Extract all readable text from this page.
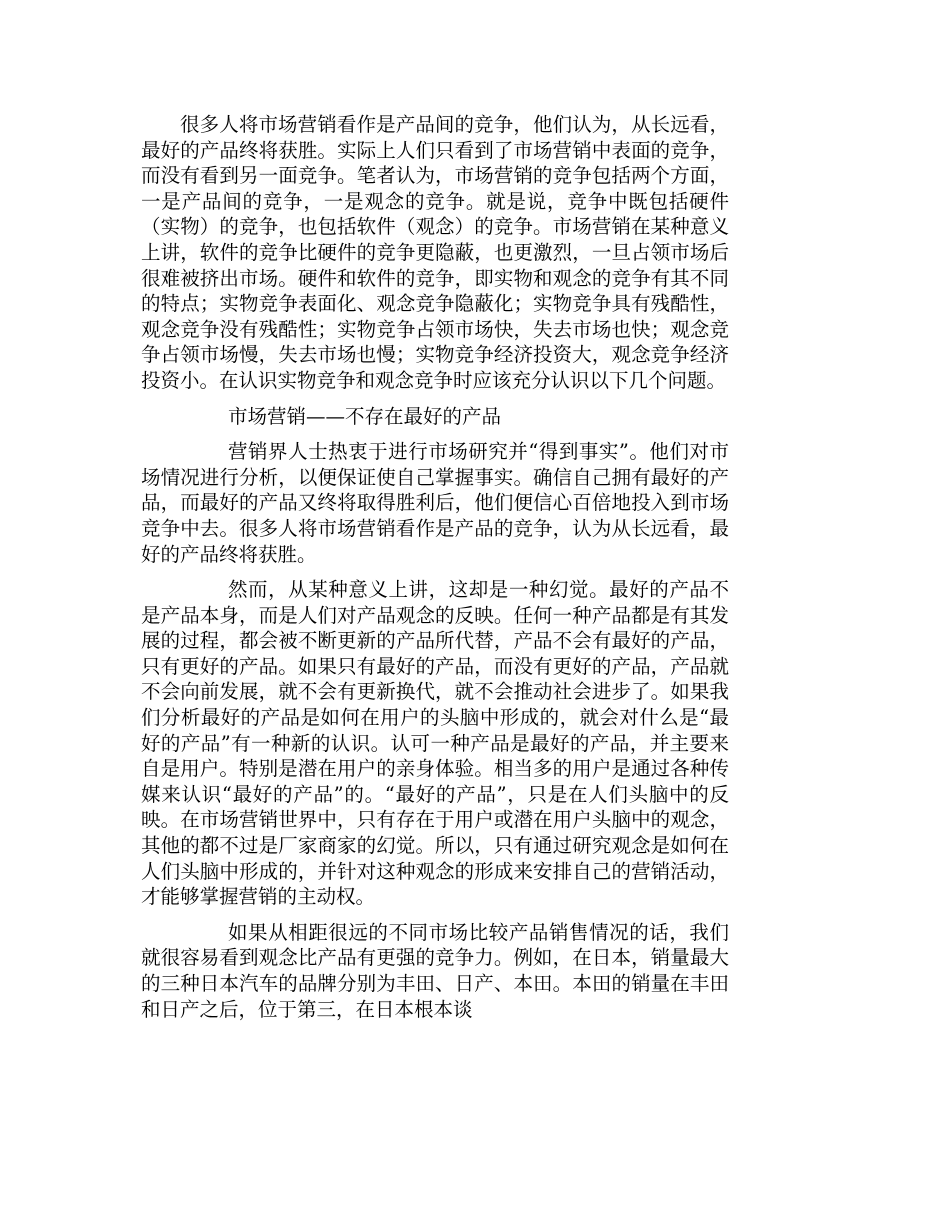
很多人将市场营销看作是产品间的竞争，他们认为，从长远看，最好的产品终将获胜。实际上人们只看到了市场营销中表面的竞争，而没有看到另一面竞争。笔者认为，市场营销的竞争包括两个方面，一是产品间的竞争，一是观念的竞争。就是说，竞争中既包括硬件（实物）的竞争，也包括软件（观念）的竞争。市场营销在某种意义上讲，软件的竞争比硬件的竞争更隐蔽，也更激烈，一旦占领市场后很难被挤出市场。硬件和软件的竞争，即实物和观念的竞争有其不同的特点；实物竞争表面化、观念竞争隐蔽化；实物竞争具有残酷性，观念竞争没有残酷性；实物竞争占领市场快，失去市场也快；观念竞争占领市场慢，失去市场也慢；实物竞争经济投资大，观念竞争经济投资小。在认识实物竞争和观念竞争时应该充分认识以下几个问题。

市场营销——不存在最好的产品

营销界人士热衷于进行市场研究并“得到事实”。他们对市场情况进行分析，以便保证使自己掌握事实。确信自己拥有最好的产品，而最好的产品又终将取得胜利后，他们便信心百倍地投入到市场竞争中去。很多人将市场营销看作是产品的竞争，认为从长远看，最好的产品终将获胜。

然而，从某种意义上讲，这却是一种幻觉。最好的产品不是产品本身，而是人们对产品观念的反映。任何一种产品都是有其发展的过程，都会被不断更新的产品所代替，产品不会有最好的产品，只有更好的产品。如果只有最好的产品，而没有更好的产品，产品就不会向前发展，就不会有更新换代，就不会推动社会进步了。如果我们分析最好的产品是如何在用户的头脑中形成的，就会对什么是“最好的产品”有一种新的认识。认可一种产品是最好的产品，并主要来自是用户。特别是潜在用户的亲身体验。相当多的用户是通过各种传媒来认识“最好的产品”的。“最好的产品”，只是在人们头脑中的反映。在市场营销世界中，只有存在于用户或潜在用户头脑中的观念，其他的都不过是厂家商家的幻觉。所以，只有通过研究观念是如何在人们头脑中形成的，并针对这种观念的形成来安排自己的营销活动，才能够掌握营销的主动权。

如果从相距很远的不同市场比较产品销售情况的话，我们就很容易看到观念比产品有更强的竞争力。例如，在日本，销量最大的三种日本汽车的品牌分别为丰田、日产、本田。本田的销量在丰田和日产之后，位于第三，在日本根本谈
